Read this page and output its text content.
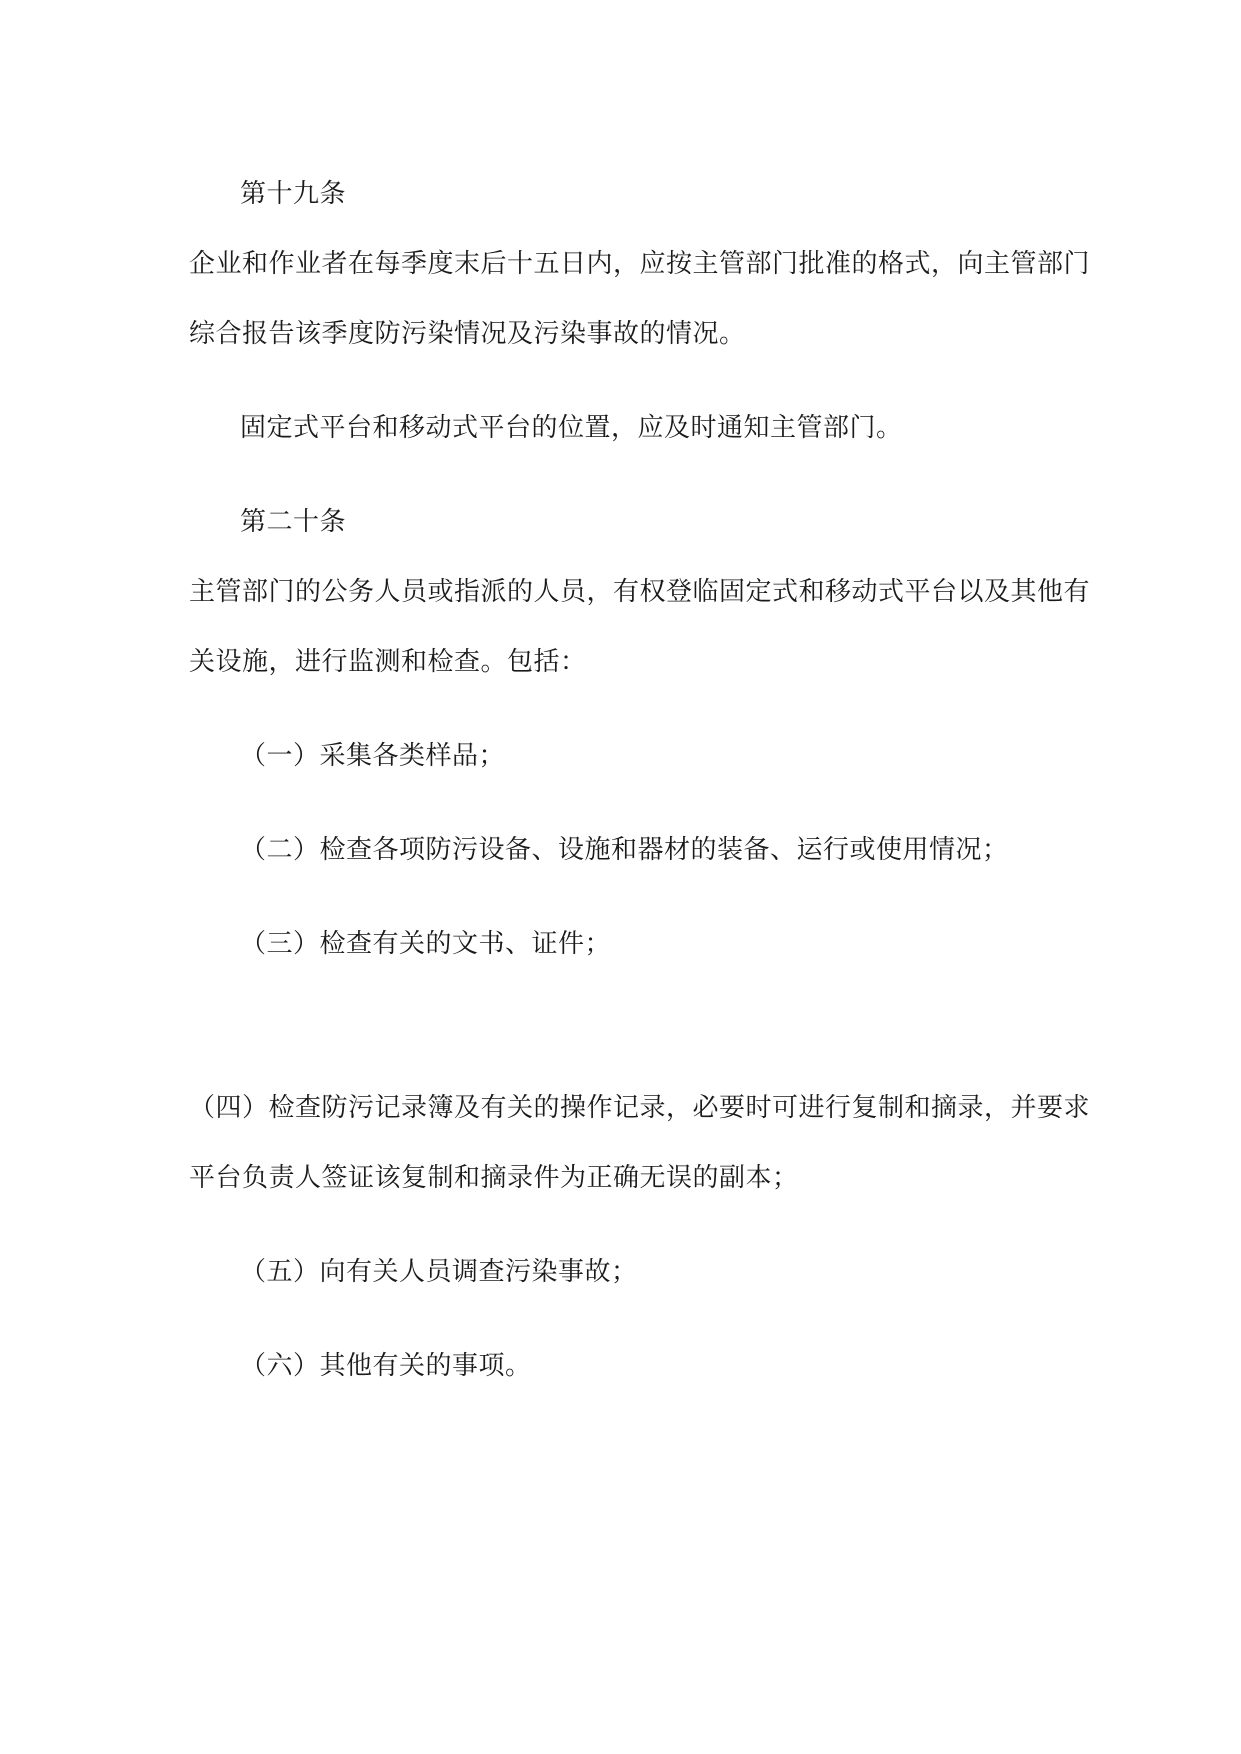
第十九条
企业和作业者在每季度末后十五日内，应按主管部门批准的格式，向主管部门
综合报告该季度防污染情况及污染事故的情况。
固定式平台和移动式平台的位置，应及时通知主管部门。
第二十条
主管部门的公务人员或指派的人员，有权登临固定式和移动式平台以及其他有
关设施，进行监测和检查。包括：
（一）采集各类样品；
（二）检查各项防污设备、设施和器材的装备、运行或使用情况；
（三）检查有关的文书、证件；
（四）检查防污记录簿及有关的操作记录，必要时可进行复制和摘录，并要求
平台负责人签证该复制和摘录件为正确无误的副本；
（五）向有关人员调查污染事故；
（六）其他有关的事项。
